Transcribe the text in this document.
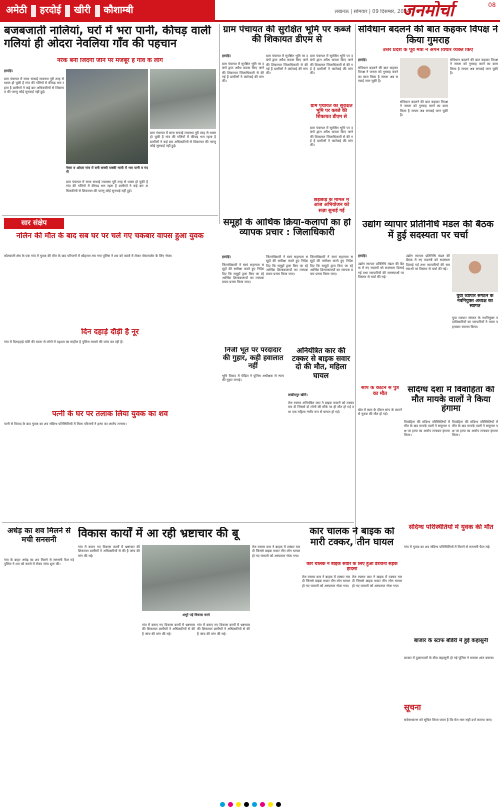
अमेठी हरदोई खीरी कौशाम्बी	लखनऊ | सोमवार | 09 दिसम्बर, 2024
जनमोर्चा	08
बजबजाती नालियां, घरों में भरा पानी, कीचड़ वाली गलियां ही ओदरा नेवलिया गाँव की पहचान
नरक बनी जिंदगी जीने पर मजबूर है गांव के लोग
हरदोई।
ग्राम पंचायत में साफ सफाई व्यवस्था पूरी तरह से ध्वस्त हो चुकी है गांव की गलियों में कीचड़ भरा रहता है ग्रामीणों ने कई बार अधिकारियों से शिकायत की परन्तु कोई सुनवाई नहीं हुई।
ग्राम पंचायत में साफ सफाई व्यवस्था पूरी तरह से ध्वस्त हो चुकी है गांव की गलियों में कीचड़ भरा रहता है ग्रामीणों ने कई बार अधिकारियों से शिकायत की परन्तु कोई सुनवाई नहीं हुई।
नेवरा व ओदरा गांव में बनी कच्ची पक्की नाली में भरा पानी व गंदगी
ग्राम पंचायत में साफ सफाई व्यवस्था पूरी तरह से ध्वस्त हो चुकी है गांव की गलियों में कीचड़ भरा रहता है ग्रामीणों ने कई बार अधिकारियों से शिकायत की परन्तु कोई सुनवाई नहीं हुई।
ग्राम पंचायत की सुरक्षित भूमि पर कब्जे की शिकायत डीएम से
हरदोई।
ग्राम पंचायत में सुरक्षित भूमि पर दबंगों द्वारा अवैध कब्जा किए जाने की शिकायत जिलाधिकारी से की गई है ग्रामीणों ने कार्रवाई की मांग की।
ग्राम पंचायत में सुरक्षित भूमि पर दबंगों द्वारा अवैध कब्जा किए जाने की शिकायत जिलाधिकारी से की गई है ग्रामीणों ने कार्रवाई की मांग की।
ग्राम पंचायत में सुरक्षित भूमि पर दबंगों द्वारा अवैध कब्जा किए जाने की शिकायत जिलाधिकारी से की गई है ग्रामीणों ने कार्रवाई की मांग की।
ग्राम पंचायत की सुरक्षित भूमि पर कब्जे की शिकायत डीएम से
ग्राम पंचायत में सुरक्षित भूमि पर दबंगों द्वारा अवैध कब्जा किए जाने की शिकायत जिलाधिकारी से की गई है ग्रामीणों ने कार्रवाई की मांग की।
संविधान बदलने की बात कहकर विपक्ष ने किया गुमराह
उत्तर प्रदेश के पूर्व मंत्री ने अपने विचार व्यक्त किए
हरदोई।
संविधान बदलने की बात कहकर विपक्ष ने जनता को गुमराह करने का काम किया है जनता अब सच्चाई जान चुकी है।
संविधान बदलने की बात कहकर विपक्ष ने जनता को गुमराह करने का काम किया है जनता अब सच्चाई जान चुकी है।
संविधान बदलने की बात कहकर विपक्ष ने जनता को गुमराह करने का काम किया है जनता अब सच्चाई जान चुकी है।
सार संक्षेप
नलिन की मौत के बाद सब घर पर चले गए चकबार वापस हुआ युवक
कोतवाली क्षेत्र के एक गांव में युवक की मौत के बाद परिजनों में कोहराम मच गया पुलिस ने शव को कब्जे में लेकर पोस्टमार्टम के लिए भेजा।
दिन दहाड़े दौड़ी है नूर
गांव में दिनदहाड़े चोरी की घटना से लोगों में दहशत का माहौल है पुलिस मामले की जांच कर रही है।
पत्नी के घर पर तलाक लिया युवक का शव
पत्नी से विवाद के बाद युवक का शव संदिग्ध परिस्थितियों में मिला परिजनों ने हत्या का आरोप लगाया।
समूहों के आर्थिक क्रिया-कलापों का हो व्यापक प्रचार : जिलाधिकारी
हरदोई।
जिलाधिकारी ने स्वयं सहायता समूहों की समीक्षा करते हुए निर्देश दिए कि समूहों द्वारा किए जा रहे आर्थिक क्रियाकलापों का व्यापक प्रचार प्रसार किया जाए।
जिलाधिकारी ने स्वयं सहायता समूहों की समीक्षा करते हुए निर्देश दिए कि समूहों द्वारा किए जा रहे आर्थिक क्रियाकलापों का व्यापक प्रचार प्रसार किया जाए।
जिलाधिकारी ने स्वयं सहायता समूहों की समीक्षा करते हुए निर्देश दिए कि समूहों द्वारा किए जा रहे आर्थिक क्रियाकलापों का व्यापक प्रचार प्रसार किया जाए।
छेड़छाड़ के मामले में आज अभियोजन को सज़ा सुनाई गई
निजी भूत पर परदादार की गुहार, कही हवालात नहीं
भूमि विवाद में पीड़ित ने पुलिस अधीक्षक से न्याय की गुहार लगाई।
अनियंत्रित कार की टक्कर से बाइक सवार दो की मौत, महिला घायल
लखीमपुर खीरी।
तेज रफ्तार अनियंत्रित कार ने बाइक सवारों को टक्कर मार दी जिससे दो लोगों की मौके पर ही मौत हो गई तथा एक महिला गंभीर रूप से घायल हो गई।
उद्योग व्यापार प्रतिनिधि मंडल की बैठक में हुई सदस्यता पर चर्चा
हरदोई।
उद्योग व्यापार प्रतिनिधि मंडल की बैठक में नए सदस्यों को सदस्यता दिलाई गई तथा व्यापारियों की समस्याओं पर विस्तार से चर्चा की गई।
उद्योग व्यापार प्रतिनिधि मंडल की बैठक में नए सदस्यों को सदस्यता दिलाई गई तथा व्यापारियों की समस्याओं पर विस्तार से चर्चा की गई।
युवा व्यापार संगठन के नवनियुक्त अध्यक्ष का स्वागत
युवा व्यापार संगठन के नवनियुक्त पदाधिकारियों का व्यापारियों ने माला पहनाकर स्वागत किया।
सांप के काटने से पुत्र का मौत
खेत में काम के दौरान सांप के काटने से युवक की मौत हो गई।
संदिग्ध दशा में विवाहिता की मौत मायके वालों ने किया हंगामा
विवाहिता की संदिग्ध परिस्थितियों में मौत के बाद मायके वालों ने ससुराल पक्ष पर हत्या का आरोप लगाकर हंगामा किया।
विवाहिता की संदिग्ध परिस्थितियों में मौत के बाद मायके वालों ने ससुराल पक्ष पर हत्या का आरोप लगाकर हंगामा किया।
संदिग्ध परिस्थितियों में युवक की मौत
गांव में युवक का शव संदिग्ध परिस्थितियों में मिलने से सनसनी फैल गई।
अधेड़ का शव मिलने से मची सनसनी
गांव के बाहर अधेड़ का शव मिलने से सनसनी फैल गई पुलिस ने शव को कब्जे में लेकर जांच शुरू की।
विकास कार्यों में आ रही भ्रष्टाचार की बू
गांव में कराए गए विकास कार्यों में भ्रष्टाचार की शिकायत ग्रामीणों ने अधिकारियों से की है जांच की मांग की गई।
अधूरे पड़े विकास कार्य
गांव में कराए गए विकास कार्यों में भ्रष्टाचार की शिकायत ग्रामीणों ने अधिकारियों से की है जांच की मांग की गई।
गांव में कराए गए विकास कार्यों में भ्रष्टाचार की शिकायत ग्रामीणों ने अधिकारियों से की है जांच की मांग की गई।
कार चालक ने बाइक को मारी टक्कर, तीन घायल
कार चालक ने बाइक सवार के लिए हुआ डरावना सड़क हादसा
तेज रफ्तार कार ने बाइक में टक्कर मार दी जिससे बाइक सवार तीन लोग घायल हो गए घायलों को अस्पताल भेजा गया।
तेज रफ्तार कार ने बाइक में टक्कर मार दी जिससे बाइक सवार तीन लोग घायल हो गए घायलों को अस्पताल भेजा गया।
तेज रफ्तार कार ने बाइक में टक्कर मार दी जिससे बाइक सवार तीन लोग घायल हो गए घायलों को अस्पताल भेजा गया।
बाजार के स्टाफ बॉर्डरी में हुई कहासुनी
बाजार में दुकानदारों के बीच कहासुनी हो गई पुलिस ने मामला शांत कराया।
सूचना
सर्वसाधारण को सूचित किया जाता है कि मेरा नाम सही दर्ज कराया जाए।
